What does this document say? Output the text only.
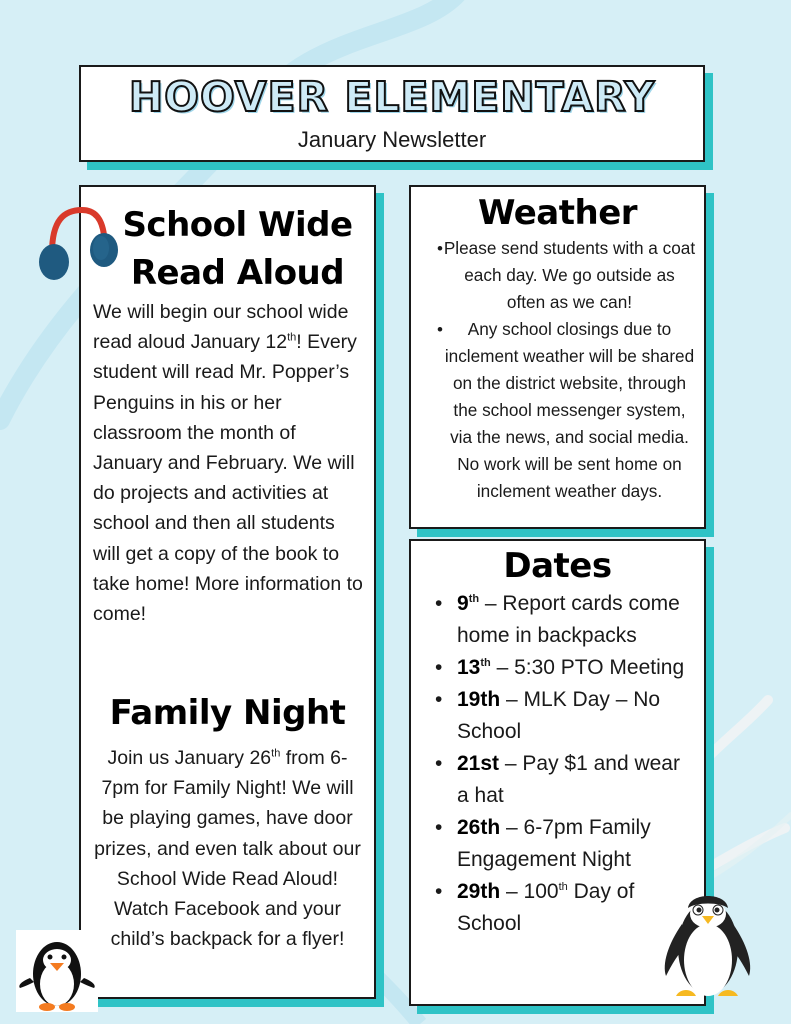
HOOVER ELEMENTARY
January Newsletter
School Wide
Read Aloud
We will begin our school wide read aloud January 12th! Every student will read Mr. Popper’s Penguins in his or her classroom the month of January and February. We will do projects and activities at school and then all students will get a copy of the book to take home! More information to come!
Family Night
Join us January 26th from 6-7pm for Family Night! We will be playing games, have door prizes, and even talk about our School Wide Read Aloud! Watch Facebook and your child’s backpack for a flyer!
Weather
• Please send students with a coat each day. We go outside as often as we can!
• Any school closings due to inclement weather will be shared on the district website, through the school messenger system, via the news, and social media. No work will be sent home on inclement weather days.
Dates
• 9th – Report cards come home in backpacks
• 13th – 5:30 PTO Meeting
• 19th – MLK Day – No School
• 21st – Pay $1 and wear a hat
• 26th – 6-7pm Family Engagement Night
• 29th – 100th Day of School
